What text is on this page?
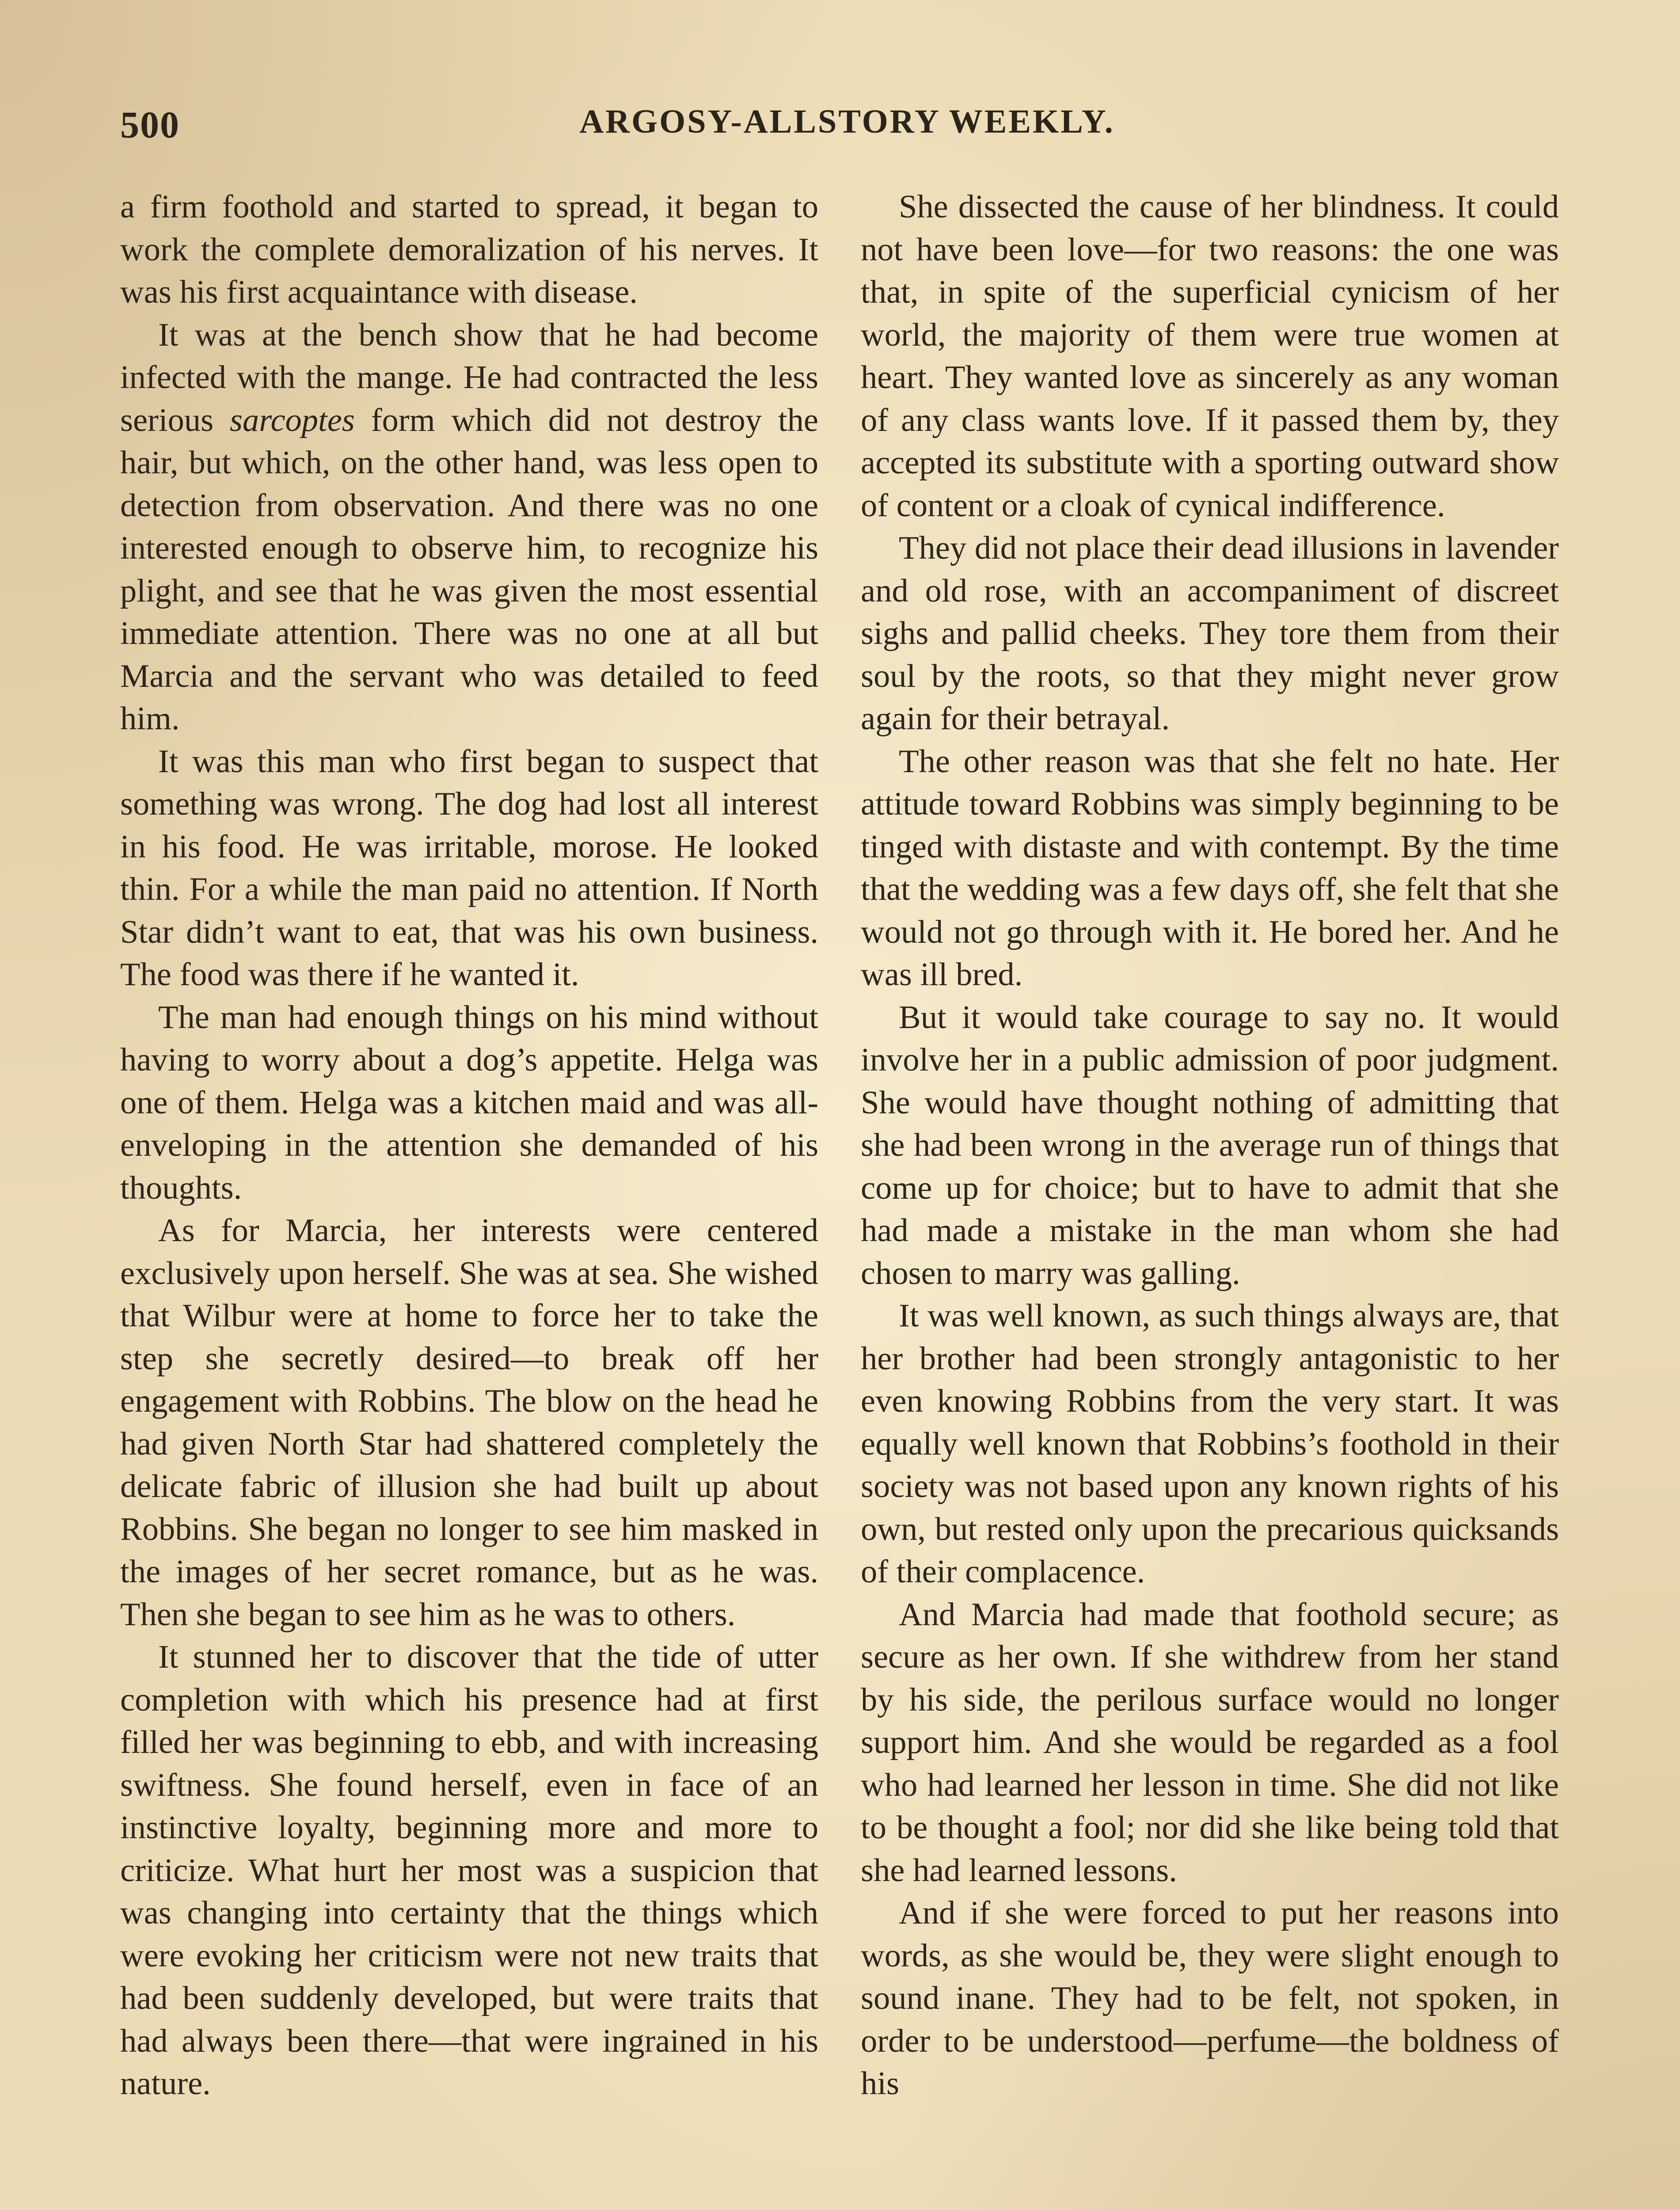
500	ARGOSY-ALLSTORY WEEKLY.

a firm foothold and started to spread, it began to work the complete demoralization of his nerves. It was his first acquaintance with disease.

It was at the bench show that he had become infected with the mange. He had contracted the less serious sarcoptes form which did not destroy the hair, but which, on the other hand, was less open to detection from observation. And there was no one interested enough to observe him, to recognize his plight, and see that he was given the most essential immediate attention. There was no one at all but Marcia and the servant who was detailed to feed him.

It was this man who first began to suspect that something was wrong. The dog had lost all interest in his food. He was irritable, morose. He looked thin. For a while the man paid no attention. If North Star didn’t want to eat, that was his own business. The food was there if he wanted it.

The man had enough things on his mind without having to worry about a dog’s appetite. Helga was one of them. Helga was a kitchen maid and was all-enveloping in the attention she demanded of his thoughts.

As for Marcia, her interests were centered exclusively upon herself. She was at sea. She wished that Wilbur were at home to force her to take the step she secretly desired—to break off her engagement with Robbins. The blow on the head he had given North Star had shattered completely the delicate fabric of illusion she had built up about Robbins. She began no longer to see him masked in the images of her secret romance, but as he was. Then she began to see him as he was to others.

It stunned her to discover that the tide of utter completion with which his presence had at first filled her was beginning to ebb, and with increasing swiftness. She found herself, even in face of an instinctive loyalty, beginning more and more to criticize. What hurt her most was a suspicion that was changing into certainty that the things which were evoking her criticism were not new traits that had been suddenly developed, but were traits that had always been there—that were ingrained in his nature.

She dissected the cause of her blindness. It could not have been love—for two reasons: the one was that, in spite of the superficial cynicism of her world, the majority of them were true women at heart. They wanted love as sincerely as any woman of any class wants love. If it passed them by, they accepted its substitute with a sporting outward show of content or a cloak of cynical indifference.

They did not place their dead illusions in lavender and old rose, with an accompaniment of discreet sighs and pallid cheeks. They tore them from their soul by the roots, so that they might never grow again for their betrayal.

The other reason was that she felt no hate. Her attitude toward Robbins was simply beginning to be tinged with distaste and with contempt. By the time that the wedding was a few days off, she felt that she would not go through with it. He bored her. And he was ill bred.

But it would take courage to say no. It would involve her in a public admission of poor judgment. She would have thought nothing of admitting that she had been wrong in the average run of things that come up for choice; but to have to admit that she had made a mistake in the man whom she had chosen to marry was galling.

It was well known, as such things always are, that her brother had been strongly antagonistic to her even knowing Robbins from the very start. It was equally well known that Robbins’s foothold in their society was not based upon any known rights of his own, but rested only upon the precarious quicksands of their complacence.

And Marcia had made that foothold secure; as secure as her own. If she withdrew from her stand by his side, the perilous surface would no longer support him. And she would be regarded as a fool who had learned her lesson in time. She did not like to be thought a fool; nor did she like being told that she had learned lessons.

And if she were forced to put her reasons into words, as she would be, they were slight enough to sound inane. They had to be felt, not spoken, in order to be understood—perfume—the boldness of his
